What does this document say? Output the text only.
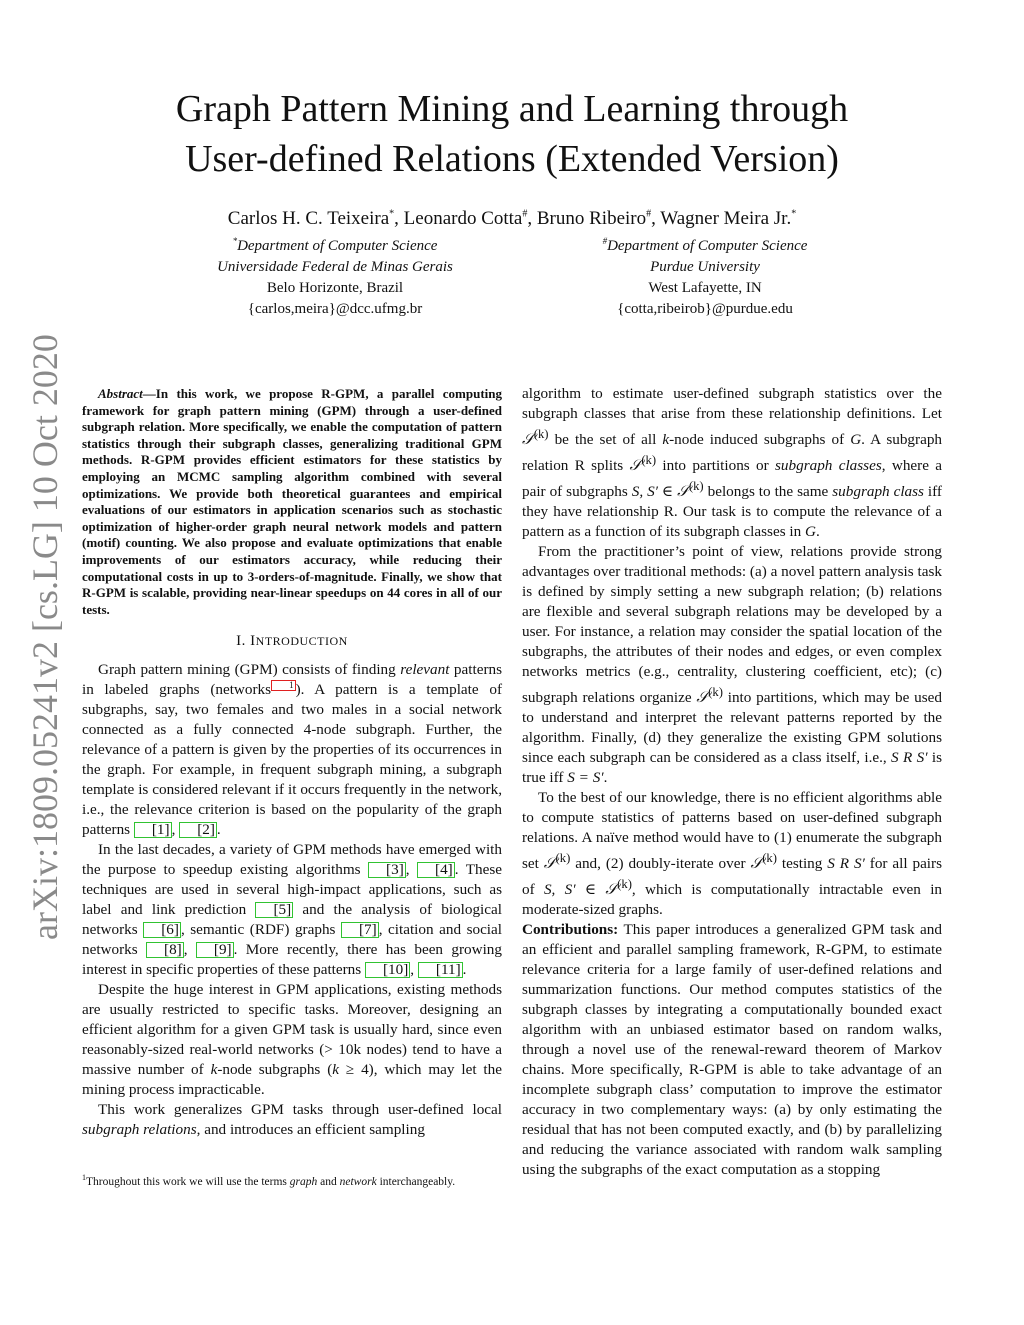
Graph Pattern Mining and Learning through
User-defined Relations (Extended Version)
Carlos H. C. Teixeira*, Leonardo Cotta#, Bruno Ribeiro#, Wagner Meira Jr.*
*Department of Computer Science
Universidade Federal de Minas Gerais
Belo Horizonte, Brazil
{carlos,meira}@dcc.ufmg.br
#Department of Computer Science
Purdue University
West Lafayette, IN
{cotta,ribeirob}@purdue.edu
arXiv:1809.05241v2 [cs.LG] 10 Oct 2020	Abstract—In this work, we propose R-GPM, a parallel computing framework for graph pattern mining (GPM) through a user-defined subgraph relation. More specifically, we enable the computation of pattern statistics through their subgraph classes, generalizing traditional GPM methods. R-GPM provides efficient estimators for these statistics by employing an MCMC sampling algorithm combined with several optimizations. We provide both theoretical guarantees and empirical evaluations of our estimators in application scenarios such as stochastic optimization of higher-order graph neural network models and pattern (motif) counting. We also propose and evaluate optimizations that enable improvements of our estimators accuracy, while reducing their computational costs in up to 3-orders-of-magnitude. Finally, we show that R-GPM is scalable, providing near-linear speedups on 44 cores in all of our tests.

I. INTRODUCTION

Graph pattern mining (GPM) consists of finding relevant patterns in labeled graphs (networks 1 ). A pattern is a template of subgraphs, say, two females and two males in a social network connected as a fully connected 4-node subgraph. Further, the relevance of a pattern is given by the properties of its occurrences in the graph. For example, in frequent subgraph mining, a subgraph template is considered relevant if it occurs frequently in the network, i.e., the relevance criterion is based on the popularity of the graph patterns [1] , [2] .

In the last decades, a variety of GPM methods have emerged with the purpose to speedup existing algorithms [3] , [4] . These techniques are used in several high-impact applications, such as label and link prediction [5] and the analysis of biological networks [6] , semantic (RDF) graphs [7] , citation and social networks [8] , [9] . More recently, there has been growing interest in specific properties of these patterns [10] , [11] .

Despite the huge interest in GPM applications, existing methods are usually restricted to specific tasks. Moreover, designing an efficient algorithm for a given GPM task is usually hard, since even reasonably-sized real-world networks (> 10k nodes) tend to have a massive number of k-node subgraphs (k ≥ 4), which may let the mining process impracticable.

This work generalizes GPM tasks through user-defined local subgraph relations, and introduces an efficient sampling

$^1$Throughout this work we will use the terms graph and network interchangeably.

algorithm to estimate user-defined subgraph statistics over the subgraph classes that arise from these relationship definitions. Let 𝒮$^{(k)}$ be the set of all k-node induced subgraphs of G. A subgraph relation R splits 𝒮$^{(k)}$ into partitions or subgraph classes, where a pair of subgraphs S, S′ ∈ 𝒮$^{(k)}$ belongs to the same subgraph class iff they have relationship R. Our task is to compute the relevance of a pattern as a function of its subgraph classes in G.

From the practitioner’s point of view, relations provide strong advantages over traditional methods: (a) a novel pattern analysis task is defined by simply setting a new subgraph relation; (b) relations are flexible and several subgraph relations may be developed by a user. For instance, a relation may consider the spatial location of the subgraphs, the attributes of their nodes and edges, or even complex networks metrics (e.g., centrality, clustering coefficient, etc); (c) subgraph relations organize 𝒮$^{(k)}$ into partitions, which may be used to understand and interpret the relevant patterns reported by the algorithm. Finally, (d) they generalize the existing GPM solutions since each subgraph can be considered as a class itself, i.e., S R S′ is true iff S = S′.

To the best of our knowledge, there is no efficient algorithms able to compute statistics of patterns based on user-defined subgraph relations. A naïve method would have to (1) enumerate the subgraph set 𝒮$^{(k)}$ and, (2) doubly-iterate over 𝒮$^{(k)}$ testing S R S′ for all pairs of S, S′ ∈ 𝒮$^{(k)}$, which is computationally intractable even in moderate-sized graphs.

Contributions: This paper introduces a generalized GPM task and an efficient and parallel sampling framework, R-GPM, to estimate relevance criteria for a large family of user-defined relations and summarization functions. Our method computes statistics of the subgraph classes by integrating a computationally bounded exact algorithm with an unbiased estimator based on random walks, through a novel use of the renewal-reward theorem of Markov chains. More specifically, R-GPM is able to take advantage of an incomplete subgraph class’ computation to improve the estimator accuracy in two complementary ways: (a) by only estimating the residual that has not been computed exactly, and (b) by parallelizing and reducing the variance associated with random walk sampling using the subgraphs of the exact computation as a stopping
